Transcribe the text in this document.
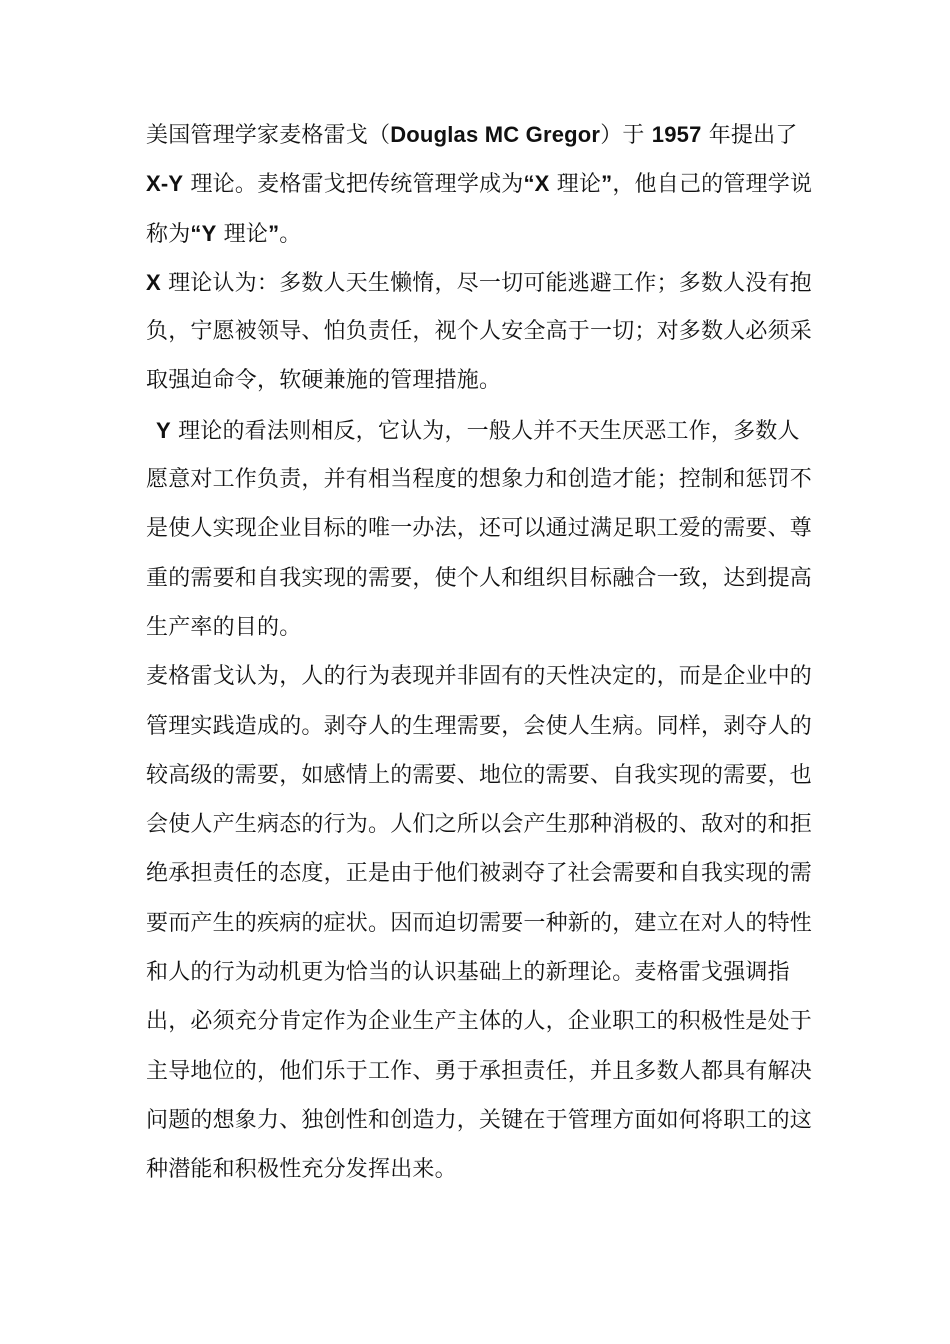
美国管理学家麦格雷戈（Douglas MC Gregor）于 1957 年提出了
X-Y 理论。麦格雷戈把传统管理学成为“X 理论”，他自己的管理学说
称为“Y 理论”。

X 理论认为：多数人天生懒惰，尽一切可能逃避工作；多数人没有抱
负，宁愿被领导、怕负责任，视个人安全高于一切；对多数人必须采
取强迫命令，软硬兼施的管理措施。

Y 理论的看法则相反，它认为，一般人并不天生厌恶工作，多数人
愿意对工作负责，并有相当程度的想象力和创造才能；控制和惩罚不
是使人实现企业目标的唯一办法，还可以通过满足职工爱的需要、尊
重的需要和自我实现的需要，使个人和组织目标融合一致，达到提高
生产率的目的。

麦格雷戈认为，人的行为表现并非固有的天性决定的，而是企业中的
管理实践造成的。剥夺人的生理需要，会使人生病。同样，剥夺人的
较高级的需要，如感情上的需要、地位的需要、自我实现的需要，也
会使人产生病态的行为。人们之所以会产生那种消极的、敌对的和拒
绝承担责任的态度，正是由于他们被剥夺了社会需要和自我实现的需
要而产生的疾病的症状。因而迫切需要一种新的，建立在对人的特性
和人的行为动机更为恰当的认识基础上的新理论。麦格雷戈强调指
出，必须充分肯定作为企业生产主体的人，企业职工的积极性是处于
主导地位的，他们乐于工作、勇于承担责任，并且多数人都具有解决
问题的想象力、独创性和创造力，关键在于管理方面如何将职工的这
种潜能和积极性充分发挥出来。
